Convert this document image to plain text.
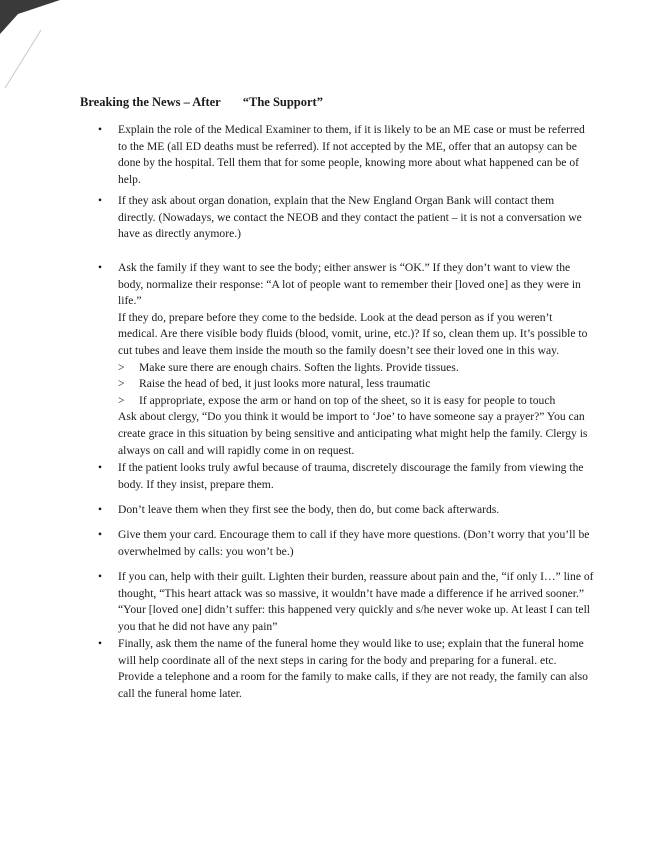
Breaking the News – After “The Support”
•	Explain the role of the Medical Examiner to them, if it is likely to be an ME case or must be referred to the ME (all ED deaths must be referred). If not accepted by the ME, offer that an autopsy can be done by the hospital. Tell them that for some people, knowing more about what happened can be of help.

•	If they ask about organ donation, explain that the New England Organ Bank will contact them directly. (Nowadays, we contact the NEOB and they contact the patient – it is not a conversation we have as directly anymore.)

•	Ask the family if they want to see the body; either answer is “OK.” If they don’t want to view the body, normalize their response: “A lot of people want to remember their [loved one] as they were in life.”

If they do, prepare before they come to the bedside. Look at the dead person as if you weren’t medical. Are there visible body fluids (blood, vomit, urine, etc.)? If so, clean them up. It’s possible to cut tubes and leave them inside the mouth so the family doesn’t see their loved one in this way.

> Make sure there are enough chairs. Soften the lights. Provide tissues.
> Raise the head of bed, it just looks more natural, less traumatic
> If appropriate, expose the arm or hand on top of the sheet, so it is easy for people to touch

Ask about clergy, “Do you think it would be import to ‘Joe’ to have someone say a prayer?” You can create grace in this situation by being sensitive and anticipating what might help the family. Clergy is always on call and will rapidly come in on request.

•	If the patient looks truly awful because of trauma, discretely discourage the family from viewing the body. If they insist, prepare them.

•	Don’t leave them when they first see the body, then do, but come back afterwards.

•	Give them your card. Encourage them to call if they have more questions. (Don’t worry that you’ll be overwhelmed by calls: you won’t be.)

•	If you can, help with their guilt. Lighten their burden, reassure about pain and the, “if only I…” line of thought, “This heart attack was so massive, it wouldn’t have made a difference if he arrived sooner.” “Your [loved one] didn’t suffer: this happened very quickly and s/he never woke up. At least I can tell you that he did not have any pain”

•	Finally, ask them the name of the funeral home they would like to use; explain that the funeral home will help coordinate all of the next steps in caring for the body and preparing for a funeral. etc. Provide a telephone and a room for the family to make calls, if they are not ready, the family can also call the funeral home later.
